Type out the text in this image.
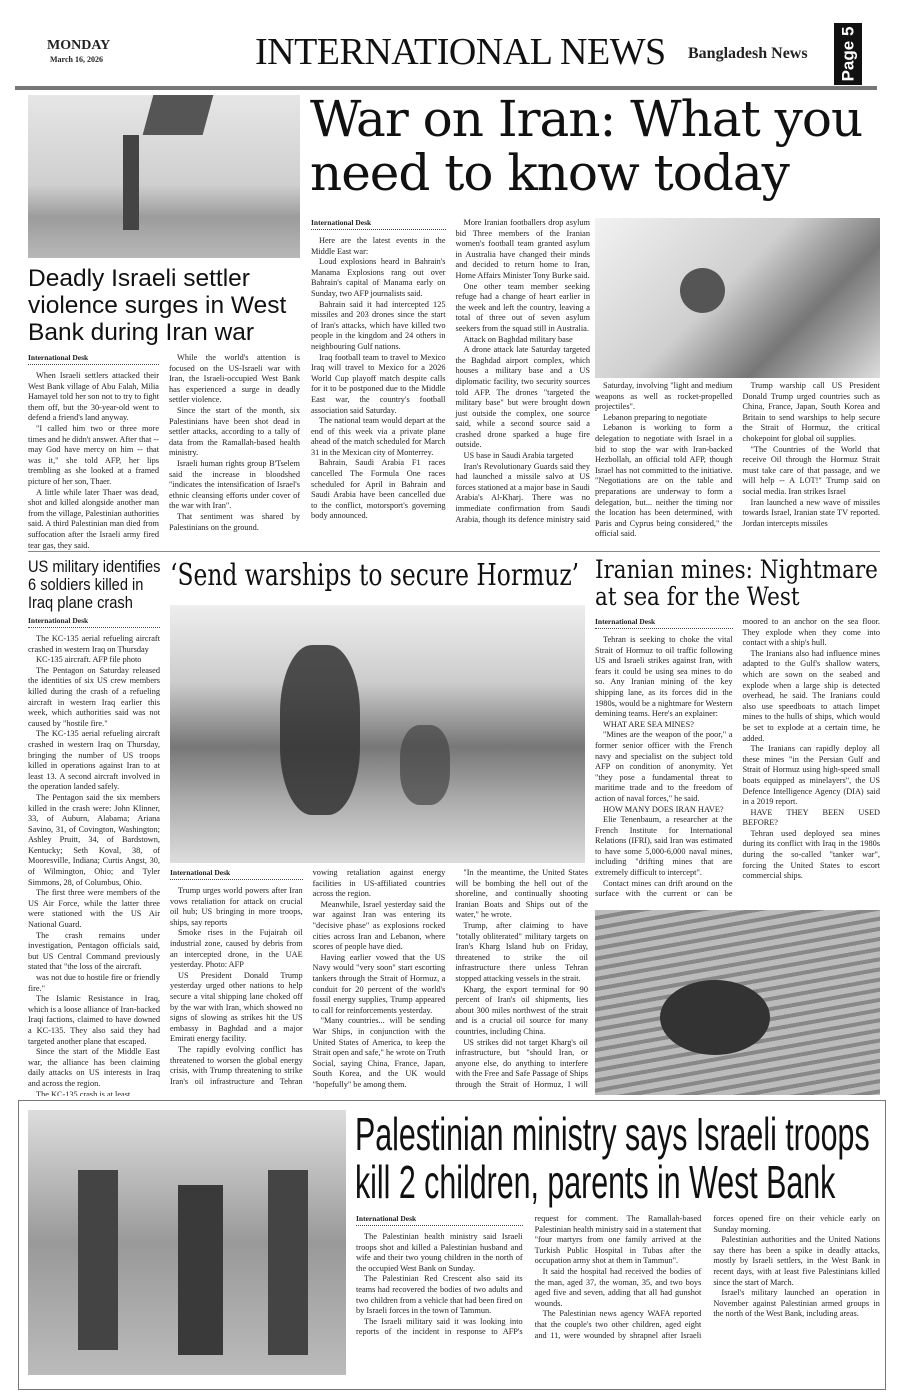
MONDAY
March 16, 2026	INTERNATIONAL NEWS	Bangladesh News	Page 5
Deadly Israeli settler violence surges in West Bank during Iran war
International Desk

When Israeli settlers attacked their West Bank village of Abu Falah, Milia Hamayel told her son not to try to fight them off, but the 30-year-old went to defend a friend's land anyway.

"I called him two or three more times and he didn't answer. After that -- may God have mercy on him -- that was it," she told AFP, her lips trembling as she looked at a framed picture of her son, Thaer.

A little while later Thaer was dead, shot and killed alongside another man from the village, Palestinian authorities said. A third Palestinian man died from suffocation after the Israeli army fired tear gas, they said.

While the world's attention is focused on the US-Israeli war with Iran, the Israeli-occupied West Bank has experienced a surge in deadly settler violence.

Since the start of the month, six Palestinians have been shot dead in settler attacks, according to a tally of data from the Ramallah-based health ministry.

Israeli human rights group B'Tselem said the increase in bloodshed "indicates the intensification of Israel's ethnic cleansing efforts under cover of the war with Iran".

That sentiment was shared by Palestinians on the ground.

War on Iran: What you need to know today
International Desk

Here are the latest events in the Middle East war:

Loud explosions heard in Bahrain's Manama Explosions rang out over Bahrain's capital of Manama early on Sunday, two AFP journalists said.

Bahrain said it had intercepted 125 missiles and 203 drones since the start of Iran's attacks, which have killed two people in the kingdom and 24 others in neighbouring Gulf nations.

Iraq football team to travel to Mexico Iraq will travel to Mexico for a 2026 World Cup playoff match despite calls for it to be postponed due to the Middle East war, the country's football association said Saturday.

The national team would depart at the end of this week via a private plane ahead of the match scheduled for March 31 in the Mexican city of Monterrey.

Bahrain, Saudi Arabia F1 races cancelled The Formula One races scheduled for April in Bahrain and Saudi Arabia have been cancelled due to the conflict, motorsport's governing body announced.

More Iranian footballers drop asylum bid Three members of the Iranian women's football team granted asylum in Australia have changed their minds and decided to return home to Iran, Home Affairs Minister Tony Burke said.

One other team member seeking refuge had a change of heart earlier in the week and left the country, leaving a total of three out of seven asylum seekers from the squad still in Australia.

Attack on Baghdad military base

A drone attack late Saturday targeted the Baghdad airport complex, which houses a military base and a US diplomatic facility, two security sources told AFP. The drones "targeted the military base" but were brought down just outside the complex, one source said, while a second source said a crashed drone sparked a huge fire outside.

US base in Saudi Arabia targeted

Iran's Revolutionary Guards said they had launched a missile salvo at US forces stationed at a major base in Saudi Arabia's Al-Kharj. There was no immediate confirmation from Saudi Arabia, though its defence ministry said

Saturday, involving "light and medium weapons as well as rocket-propelled projectiles".

Lebanon preparing to negotiate

Lebanon is working to form a delegation to negotiate with Israel in a bid to stop the war with Iran-backed Hezbollah, an official told AFP, though Israel has not committed to the initiative. "Negotiations are on the table and preparations are underway to form a delegation, but... neither the timing nor the location has been determined, with Paris and Cyprus being considered," the official said.

Trump warship call US President Donald Trump urged countries such as China, France, Japan, South Korea and Britain to send warships to help secure the Strait of Hormuz, the critical chokepoint for global oil supplies.

"The Countries of the World that receive Oil through the Hormuz Strait must take care of that passage, and we will help -- A LOT!" Trump said on social media. Iran strikes Israel

Iran launched a new wave of missiles towards Israel, Iranian state TV reported. Jordan intercepts missiles

US military identifies 6 soldiers killed in Iraq plane crash
International Desk

The KC-135 aerial refueling aircraft crashed in western Iraq on Thursday

KC-135 aircraft. AFP file photo

The Pentagon on Saturday released the identities of six US crew members killed during the crash of a refueling aircraft in western Iraq earlier this week, which authorities said was not caused by "hostile fire."

The KC-135 aerial refueling aircraft crashed in western Iraq on Thursday, bringing the number of US troops killed in operations against Iran to at least 13. A second aircraft involved in the operation landed safely.

The Pentagon said the six members killed in the crash were: John Klinner, 33, of Auburn, Alabama; Ariana Savino, 31, of Covington, Washington; Ashley Pruitt, 34, of Bardstown, Kentucky; Seth Koval, 38, of Mooresville, Indiana; Curtis Angst, 30, of Wilmington, Ohio; and Tyler Simmons, 28, of Columbus, Ohio.

The first three were members of the US Air Force, while the latter three were stationed with the US Air National Guard.

The crash remains under investigation, Pentagon officials said, but US Central Command previously stated that "the loss of the aircraft.

was not due to hostile fire or friendly fire."

The Islamic Resistance in Iraq, which is a loose alliance of Iran-backed Iraqi factions, claimed to have downed a KC-135. They also said they had targeted another plane that escaped.

Since the start of the Middle East war, the alliance has been claiming daily attacks on US interests in Iraq and across the region.

The KC-135 crash is at least.

‘Send warships to secure Hormuz’
International Desk

Trump urges world powers after Iran vows retaliation for attack on crucial oil hub; US bringing in more troops, ships, say reports

Smoke rises in the Fujairah oil industrial zone, caused by debris from an intercepted drone, in the UAE yesterday. Photo: AFP

US President Donald Trump yesterday urged other nations to help secure a vital shipping lane choked off by the war with Iran, which showed no signs of slowing as strikes hit the US embassy in Baghdad and a major Emirati energy facility.

The rapidly evolving conflict has threatened to worsen the global energy crisis, with Trump threatening to strike Iran's oil infrastructure and Tehran vowing retaliation against energy facilities in US-affiliated countries across the region.

Meanwhile, Israel yesterday said the war against Iran was entering its "decisive phase" as explosions rocked cities across Iran and Lebanon, where scores of people have died.

Having earlier vowed that the US Navy would "very soon" start escorting tankers through the Strait of Hormuz, a conduit for 20 percent of the world's fossil energy supplies, Trump appeared to call for reinforcements yesterday.

"Many countries... will be sending War Ships, in conjunction with the United States of America, to keep the Strait open and safe," he wrote on Truth Social, saying China, France, Japan, South Korea, and the UK would "hopefully" be among them.

"In the meantime, the United States will be bombing the hell out of the shoreline, and continually shooting Iranian Boats and Ships out of the water," he wrote.

Trump, after claiming to have "totally obliterated" military targets on Iran's Kharg Island hub on Friday, threatened to strike the oil infrastructure there unless Tehran stopped attacking vessels in the strait.

Kharg, the export terminal for 90 percent of Iran's oil shipments, lies about 300 miles northwest of the strait and is a crucial oil source for many countries, including China.

US strikes did not target Kharg's oil infrastructure, but "should Iran, or anyone else, do anything to interfere with the Free and Safe Passage of Ships through the Strait of Hormuz, I will

Iranian mines: Nightmare at sea for the West
International Desk

Tehran is seeking to choke the vital Strait of Hormuz to oil traffic following US and Israeli strikes against Iran, with fears it could be using sea mines to do so. Any Iranian mining of the key shipping lane, as its forces did in the 1980s, would be a nightmare for Western demining teams. Here's an explainer:

WHAT ARE SEA MINES?

"Mines are the weapon of the poor," a former senior officer with the French navy and specialist on the subject told AFP on condition of anonymity. Yet "they pose a fundamental threat to maritime trade and to the freedom of action of naval forces," he said.

HOW MANY DOES IRAN HAVE?

Elie Tenenbaum, a researcher at the French Institute for International Relations (IFRI), said Iran was estimated to have some 5,000-6,000 naval mines, including "drifting mines that are extremely difficult to intercept".

Contact mines can drift around on the surface with the current or can be moored to an anchor on the sea floor. They explode when they come into contact with a ship's hull.

The Iranians also had influence mines adapted to the Gulf's shallow waters, which are sown on the seabed and explode when a large ship is detected overhead, he said. The Iranians could also use speedboats to attach limpet mines to the hulls of ships, which would be set to explode at a certain time, he added.

The Iranians can rapidly deploy all these mines "in the Persian Gulf and Strait of Hormuz using high-speed small boats equipped as minelayers", the US Defence Intelligence Agency (DIA) said in a 2019 report.

HAVE THEY BEEN USED BEFORE?

Tehran used deployed sea mines during its conflict with Iraq in the 1980s during the so-called "tanker war", forcing the United States to escort commercial ships.

Palestinian ministry says Israeli troops kill 2 children, parents in West Bank
International Desk

The Palestinian health ministry said Israeli troops shot and killed a Palestinian husband and wife and their two young children in the north of the occupied West Bank on Sunday.

The Palestinian Red Crescent also said its teams had recovered the bodies of two adults and two children from a vehicle that had been fired on by Israeli forces in the town of Tammun.

The Israeli military said it was looking into reports of the incident in response to AFP's request for comment. The Ramallah-based Palestinian health ministry said in a statement that "four martyrs from one family arrived at the Turkish Public Hospital in Tubas after the occupation army shot at them in Tammun".

It said the hospital had received the bodies of the man, aged 37, the woman, 35, and two boys aged five and seven, adding that all had gunshot wounds.

The Palestinian news agency WAFA reported that the couple's two other children, aged eight and 11, were wounded by shrapnel after Israeli forces opened fire on their vehicle early on Sunday morning.

Palestinian authorities and the United Nations say there has been a spike in deadly attacks, mostly by Israeli settlers, in the West Bank in recent days, with at least five Palestinians killed since the start of March.

Israel's military launched an operation in November against Palestinian armed groups in the north of the West Bank, including areas.
